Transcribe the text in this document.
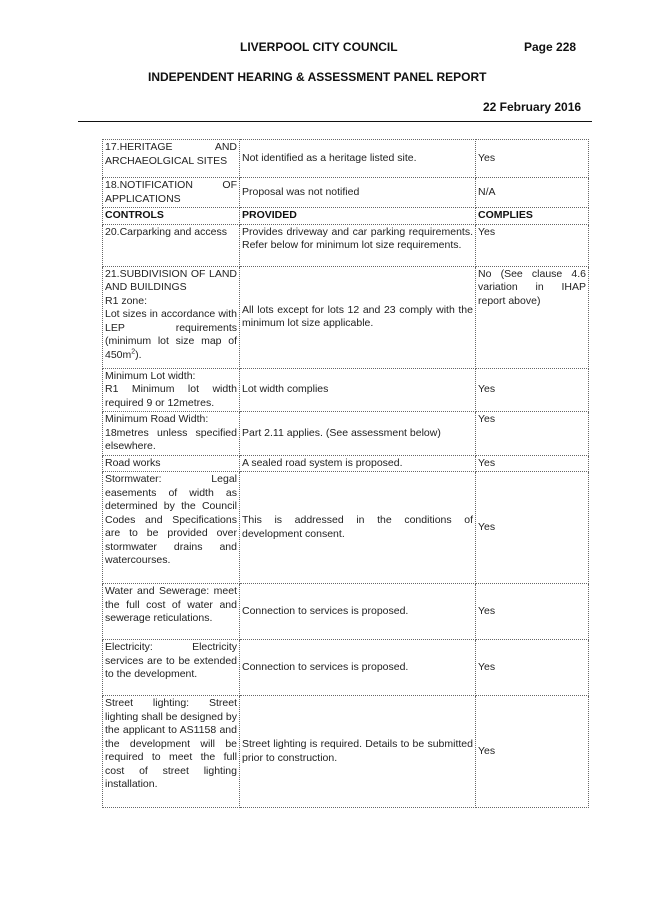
LIVERPOOL CITY COUNCIL	Page 228
INDEPENDENT HEARING & ASSESSMENT PANEL REPORT
22 February 2016
17.HERITAGE AND ARCHAEOLGICAL SITES	Not identified as a heritage listed site.	Yes
18.NOTIFICATION OF APPLICATIONS	Proposal was not notified	N/A
CONTROLS	PROVIDED	COMPLIES
20.Carparking and access	Provides driveway and car parking requirements. Refer below for minimum lot size requirements.	Yes

21.SUBDIVISION OF LAND AND BUILDINGS
R1 zone:
Lot sizes in accordance with LEP requirements (minimum lot size map of $450m^2$).	All lots except for lots 12 and 23 comply with the minimum lot size applicable.	No (See clause 4.6 variation in IHAP report above)

Minimum Lot width:
R1 Minimum lot width required 9 or 12metres.	Lot width complies	Yes

Minimum Road Width:
18metres unless specified elsewhere.	Part 2.11 applies. (See assessment below)	Yes
Road works	A sealed road system is proposed.	Yes
Stormwater: Legal easements of width as determined by the Council Codes and Specifications are to be provided over stormwater drains and watercourses.	This is addressed in the conditions of development consent.	Yes
Water and Sewerage: meet the full cost of water and sewerage reticulations.	Connection to services is proposed.	Yes
Electricity: Electricity services are to be extended to the development.	Connection to services is proposed.	Yes
Street lighting: Street lighting shall be designed by the applicant to AS1158 and the development will be required to meet the full cost of street lighting installation.	Street lighting is required. Details to be submitted prior to construction.	Yes
